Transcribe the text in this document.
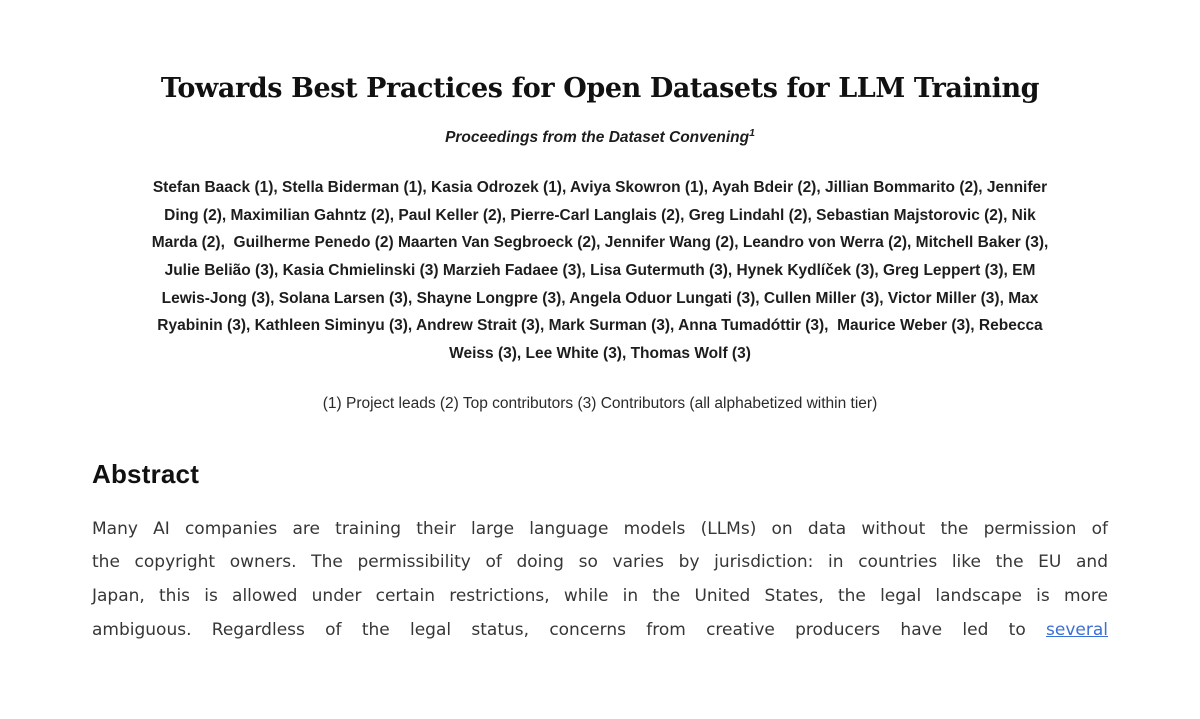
Towards Best Practices for Open Datasets for LLM Training
Proceedings from the Dataset Convening$^1$
Stefan Baack (1), Stella Biderman (1), Kasia Odrozek (1), Aviya Skowron (1), Ayah Bdeir (2), Jillian Bommarito (2), Jennifer
Ding (2), Maximilian Gahntz (2), Paul Keller (2), Pierre-Carl Langlais (2), Greg Lindahl (2), Sebastian Majstorovic (2), Nik
Marda (2),  Guilherme Penedo (2) Maarten Van Segbroeck (2), Jennifer Wang (2), Leandro von Werra (2), Mitchell Baker (3),
Julie Belião (3), Kasia Chmielinski (3) Marzieh Fadaee (3), Lisa Gutermuth (3), Hynek Kydlíček (3), Greg Leppert (3), EM
Lewis-Jong (3), Solana Larsen (3), Shayne Longpre (3), Angela Oduor Lungati (3), Cullen Miller (3), Victor Miller (3), Max
Ryabinin (3), Kathleen Siminyu (3), Andrew Strait (3), Mark Surman (3), Anna Tumadóttir (3),  Maurice Weber (3), Rebecca
Weiss (3), Lee White (3), Thomas Wolf (3)
(1) Project leads (2) Top contributors (3) Contributors (all alphabetized within tier)
Abstract
Many AI companies are training their large language models (LLMs) on data without the permission of
the copyright owners. The permissibility of doing so varies by jurisdiction: in countries like the EU and
Japan, this is allowed under certain restrictions, while in the United States, the legal landscape is more
ambiguous. Regardless of the legal status, concerns from creative producers have led to several
